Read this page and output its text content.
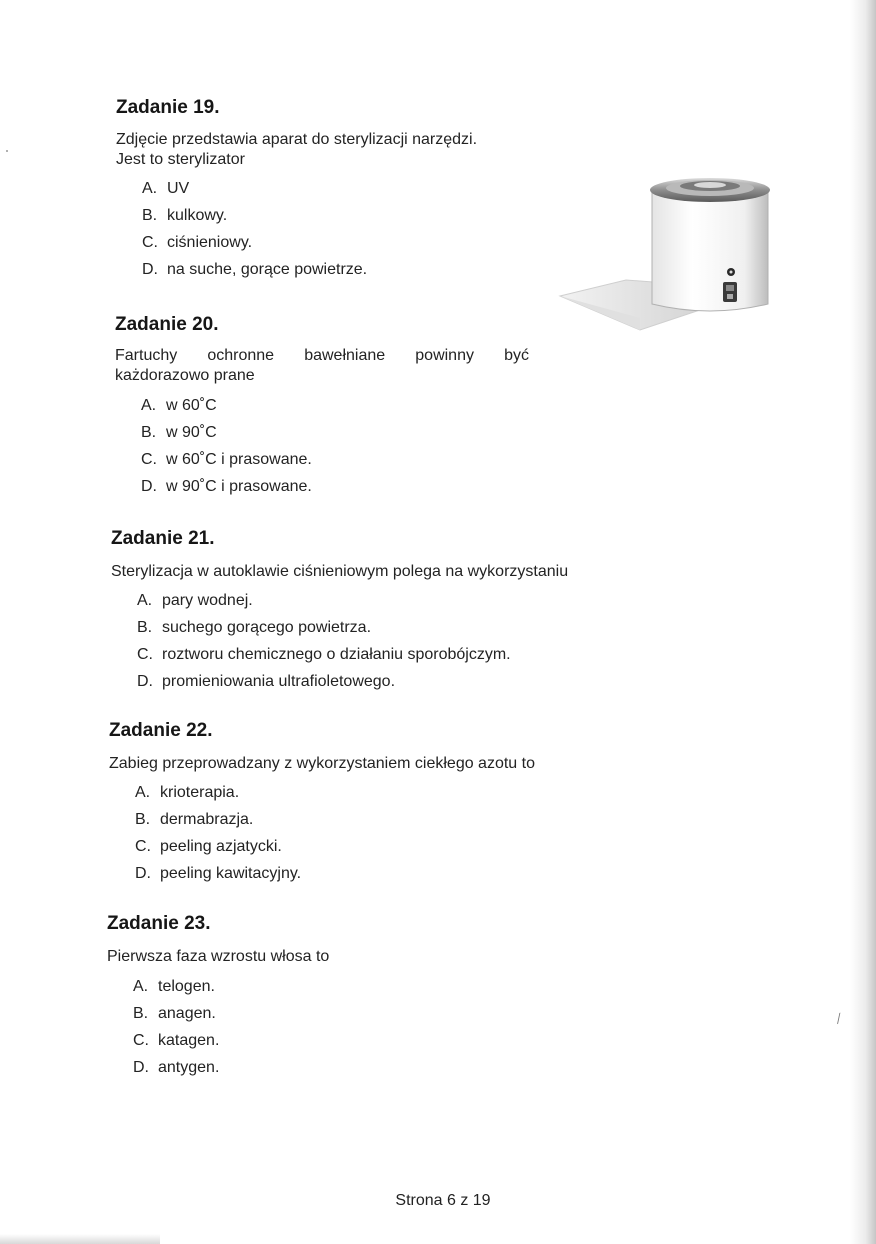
Zadanie 19.

Zdjęcie przedstawia aparat do sterylizacji narzędzi.

Jest to sterylizator

A. UV
B. kulkowy.
C. ciśnieniowy.
D. na suche, gorące powietrze.
Zadanie 20.

Fartuchy ochronne bawełniane powinny być

każdorazowo prane

A. w 60˚C
B. w 90˚C
C. w 60˚C i prasowane.
D. w 90˚C i prasowane.
Zadanie 21.

Sterylizacja w autoklawie ciśnieniowym polega na wykorzystaniu

A. pary wodnej.
B. suchego gorącego powietrza.
C. roztworu chemicznego o działaniu sporobójczym.
D. promieniowania ultrafioletowego.
Zadanie 22.

Zabieg przeprowadzany z wykorzystaniem ciekłego azotu to

A. krioterapia.
B. dermabrazja.
C. peeling azjatycki.
D. peeling kawitacyjny.
Zadanie 23.

Pierwsza faza wzrostu włosa to

A. telogen.
B. anagen.
C. katagen.
D. antygen.
⁄
Strona 6 z 19
